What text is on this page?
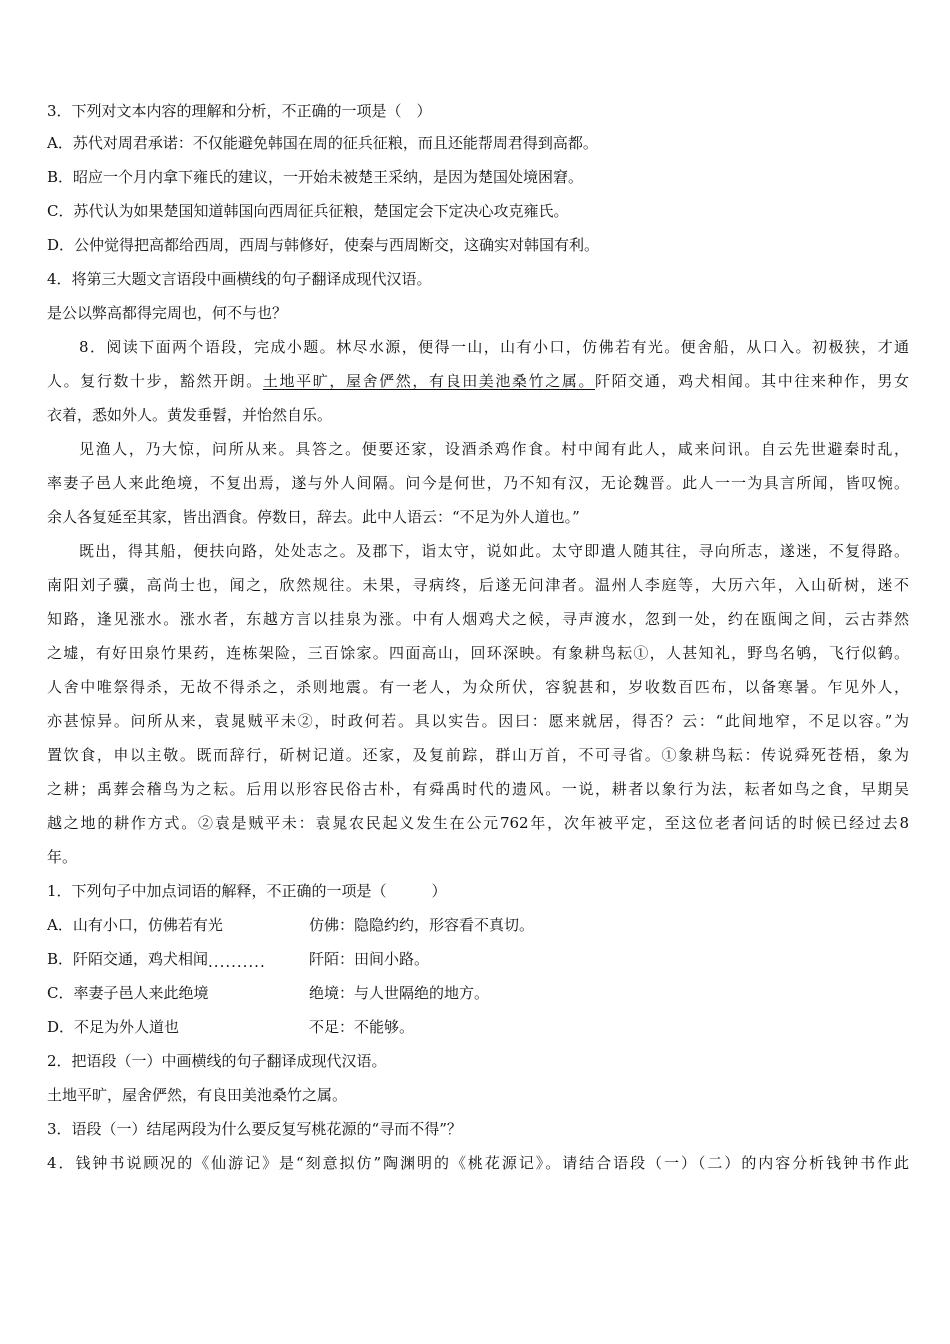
3．下列对文本内容的理解和分析，不正确的一项是（　）
A．苏代对周君承诺：不仅能避免韩国在周的征兵征粮，而且还能帮周君得到高都。
B．昭应一个月内拿下雍氏的建议，一开始未被楚王采纳，是因为楚国处境困窘。
C．苏代认为如果楚国知道韩国向西周征兵征粮，楚国定会下定决心攻克雍氏。
D．公仲觉得把高都给西周，西周与韩修好，使秦与西周断交，这确实对韩国有利。
4．将第三大题文言语段中画横线的句子翻译成现代汉语。
是公以弊高都得完周也，何不与也？
8．阅读下面两个语段，完成小题。林尽水源，便得一山，山有小口，仿佛若有光。便舍船，从口入。初极狭，才通
人。复行数十步，豁然开朗。土地平旷，屋舍俨然，有良田美池桑竹之属。阡陌交通，鸡犬相闻。其中往来种作，男女
衣着，悉如外人。黄发垂髫，并怡然自乐。
见渔人，乃大惊，问所从来。具答之。便要还家，设酒杀鸡作食。村中闻有此人，咸来问讯。自云先世避秦时乱，
率妻子邑人来此绝境，不复出焉，遂与外人间隔。问今是何世，乃不知有汉，无论魏晋。此人一一为具言所闻，皆叹惋。
余人各复延至其家，皆出酒食。停数日，辞去。此中人语云：“不足为外人道也。”
既出，得其船，便扶向路，处处志之。及郡下，诣太守，说如此。太守即遣人随其往，寻向所志，遂迷，不复得路。
南阳刘子骥，高尚士也，闻之，欣然规往。未果，寻病终，后遂无问津者。温州人李庭等，大历六年，入山斫树，迷不
知路，逢见涨水。涨水者，东越方言以挂泉为涨。中有人烟鸡犬之候，寻声渡水，忽到一处，约在瓯闽之间，云古莽然
之墟，有好田泉竹果药，连栋架险，三百馀家。四面高山，回环深映。有象耕鸟耘①，人甚知礼，野鸟名鸲，飞行似鹤。
人舍中唯祭得杀，无故不得杀之，杀则地震。有一老人，为众所伏，容貌甚和，岁收数百匹布，以备寒暑。乍见外人，
亦甚惊异。问所从来，袁晁贼平未②，时政何若。具以实告。因曰：愿来就居，得否？云：“此间地窄，不足以容。”为
置饮食，申以主敬。既而辞行，斫树记道。还家，及复前踪，群山万首，不可寻省。①象耕鸟耘：传说舜死苍梧，象为
之耕；禹葬会稽鸟为之耘。后用以形容民俗古朴，有舜禹时代的遗风。一说，耕者以象行为法，耘者如鸟之食，早期吴
越之地的耕作方式。②袁是贼平未：袁晁农民起义发生在公元762年，次年被平定，至这位老者问话的时候已经过去8
年。
1．下列句子中加点词语的解释，不正确的一项是（　　　）
A．山有小口，仿佛若有光	仿佛：隐隐约约，形容看不真切。
B．阡陌交通，鸡犬相闻..........	阡陌：田间小路。
C．率妻子邑人来此绝境	绝境：与人世隔绝的地方。
D．不足为外人道也	不足：不能够。
2．把语段（一）中画横线的句子翻译成现代汉语。
土地平旷，屋舍俨然，有良田美池桑竹之属。
3．语段（一）结尾两段为什么要反复写桃花源的“寻而不得”？
4．钱钟书说顾况的《仙游记》是“刻意拟仿”陶渊明的《桃花源记》。请结合语段（一）（二）的内容分析钱钟书作此
